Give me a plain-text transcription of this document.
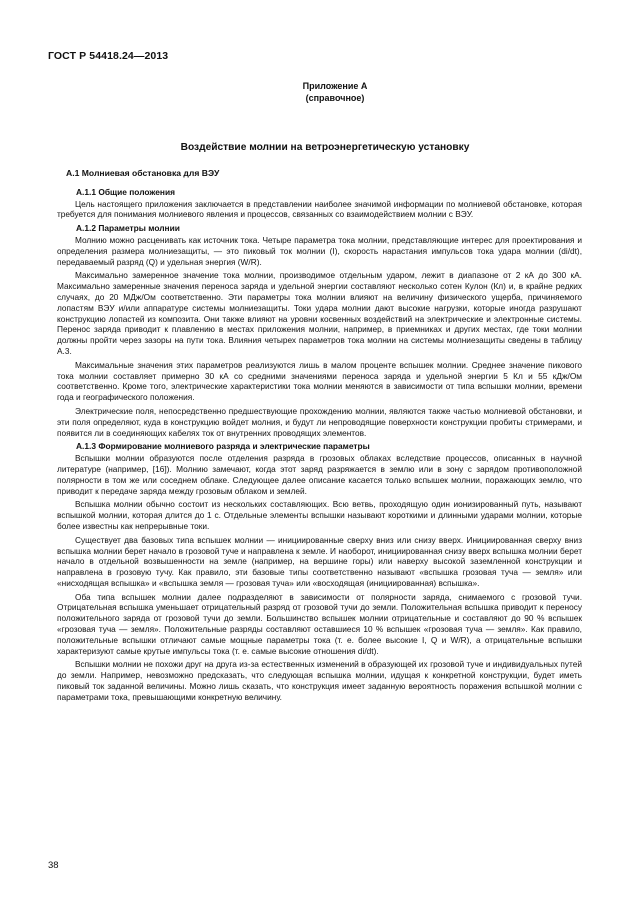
ГОСТ Р 54418.24—2013
Приложение А
(справочное)
Воздействие молнии на ветроэнергетическую установку
А.1 Молниевая обстановка для ВЭУ
А.1.1 Общие положения
Цель настоящего приложения заключается в представлении наиболее значимой информации по молниевой обстановке, которая требуется для понимания молниевого явления и процессов, связанных со взаимодействием молнии с ВЭУ.
А.1.2 Параметры молнии
Молнию можно расценивать как источник тока. Четыре параметра тока молнии, представляющие интерес для проектирования и определения размера молниезащиты, — это пиковый ток молнии (I), скорость нарастания импульсов тока удара молнии (di/dt), передаваемый разряд (Q) и удельная энергия (W/R).
Максимально замеренное значение тока молнии, производимое отдельным ударом, лежит в диапазоне от 2 кА до 300 кА. Максимально замеренные значения переноса заряда и удельной энергии составляют несколько сотен Кулон (Кл) и, в крайне редких случаях, до 20 МДж/Ом соответственно. Эти параметры тока молнии влияют на величину физического ущерба, причиняемого лопастям ВЭУ и/или аппаратуре системы молниезащиты. Токи удара молнии дают высокие нагрузки, которые иногда разрушают конструкцию лопастей из композита. Они также влияют на уровни косвенных воздействий на электрические и электронные системы. Перенос заряда приводит к плавлению в местах приложения молнии, например, в приемниках и других местах, где токи молнии должны пройти через зазоры на пути тока. Влияния четырех параметров тока молнии на системы молниезащиты сведены в таблицу А.3.
Максимальные значения этих параметров реализуются лишь в малом проценте вспышек молнии. Среднее значение пикового тока молнии составляет примерно 30 кА со средними значениями переноса заряда и удельной энергии 5 Кл и 55 кДж/Ом соответственно. Кроме того, электрические характеристики тока молнии меняются в зависимости от типа вспышки молнии, времени года и географического положения.
Электрические поля, непосредственно предшествующие прохождению молнии, являются также частью молниевой обстановки, и эти поля определяют, куда в конструкцию войдет молния, и будут ли непроводящие поверхности конструкции пробиты стримерами, и появится ли в соединяющих кабелях ток от внутренних проводящих элементов.
А.1.3 Формирование молниевого разряда и электрические параметры
Вспышки молнии образуются после отделения разряда в грозовых облаках вследствие процессов, описанных в научной литературе (например, [16]). Молнию замечают, когда этот заряд разряжается в землю или в зону с зарядом противоположной полярности в том же или соседнем облаке. Следующее далее описание касается только вспышек молнии, поражающих землю, что приводит к передаче заряда между грозовым облаком и землей.
Вспышка молнии обычно состоит из нескольких составляющих. Всю ветвь, проходящую один ионизированный путь, называют вспышкой молнии, которая длится до 1 с. Отдельные элементы вспышки называют короткими и длинными ударами молнии, которые более известны как непрерывные токи.
Существует два базовых типа вспышек молнии — инициированные сверху вниз или снизу вверх. Инициированная сверху вниз вспышка молнии берет начало в грозовой туче и направлена к земле. И наоборот, инициированная снизу вверх вспышка молнии берет начало в отдельной возвышенности на земле (например, на вершине горы) или наверху высокой заземленной конструкции и направлена в грозовую тучу. Как правило, эти базовые типы соответственно называют «вспышка грозовая туча — земля» или «нисходящая вспышка» и «вспышка земля — грозовая туча» или «восходящая (инициированная) вспышка».
Оба типа вспышек молнии далее подразделяют в зависимости от полярности заряда, снимаемого с грозовой тучи. Отрицательная вспышка уменьшает отрицательный разряд от грозовой тучи до земли. Положительная вспышка приводит к переносу положительного заряда от грозовой тучи до земли. Большинство вспышек молнии отрицательные и составляют до 90 % вспышек «грозовая туча — земля». Положительные разряды составляют оставшиеся 10 % вспышек «грозовая туча — земля». Как правило, положительные вспышки отличают самые мощные параметры тока (т. е. более высокие I, Q и W/R), а отрицательные вспышки характеризуют самые крутые импульсы тока (т. е. самые высокие отношения di/dt).
Вспышки молнии не похожи друг на друга из-за естественных изменений в образующей их грозовой туче и индивидуальных путей до земли. Например, невозможно предсказать, что следующая вспышка молнии, идущая к конкретной конструкции, будет иметь пиковый ток заданной величины. Можно лишь сказать, что конструкция имеет заданную вероятность поражения вспышкой молнии с параметрами тока, превышающими конкретную величину.
38
